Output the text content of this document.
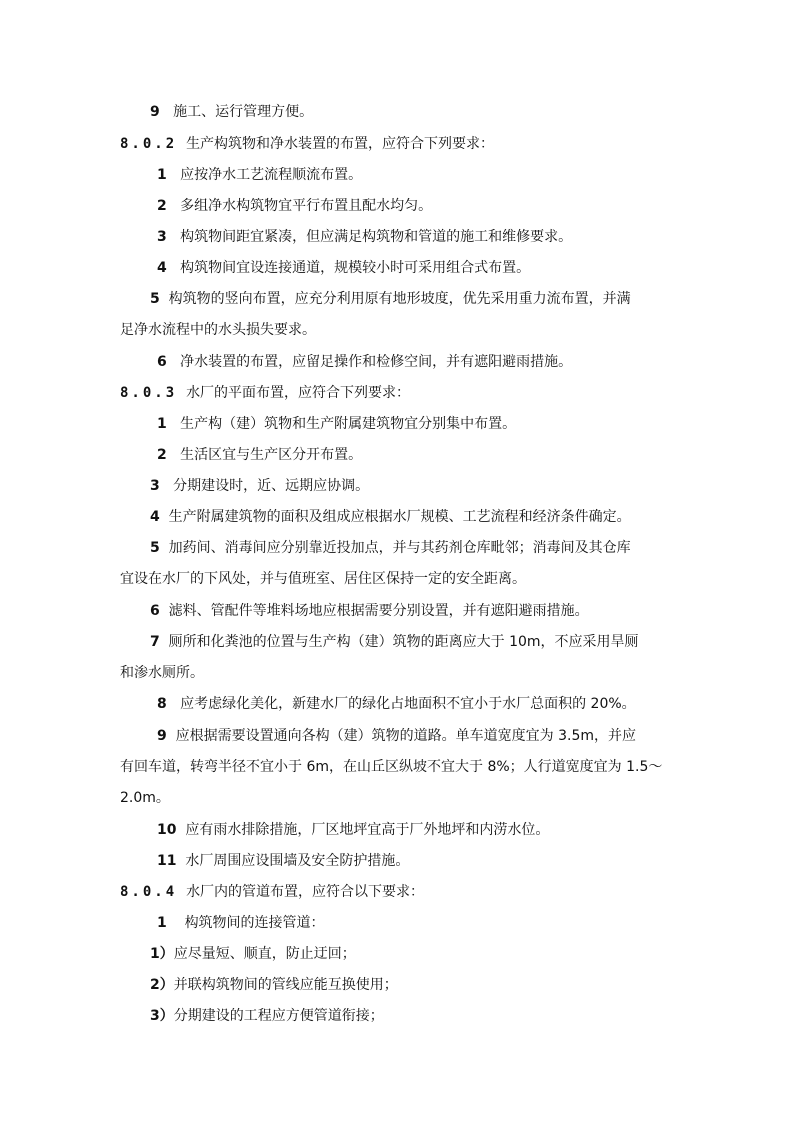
9 施工、运行管理方便。
8.0.2 生产构筑物和净水装置的布置，应符合下列要求：
1 应按净水工艺流程顺流布置。
2 多组净水构筑物宜平行布置且配水均匀。
3 构筑物间距宜紧凑，但应满足构筑物和管道的施工和维修要求。
4 构筑物间宜设连接通道，规模较小时可采用组合式布置。
5 构筑物的竖向布置，应充分利用原有地形坡度，优先采用重力流布置，并满
足净水流程中的水头损失要求。
6 净水装置的布置，应留足操作和检修空间，并有遮阳避雨措施。
8.0.3 水厂的平面布置，应符合下列要求：
1 生产构（建）筑物和生产附属建筑物宜分别集中布置。
2 生活区宜与生产区分开布置。
3 分期建设时，近、远期应协调。
4 生产附属建筑物的面积及组成应根据水厂规模、工艺流程和经济条件确定。
5 加药间、消毒间应分别靠近投加点，并与其药剂仓库毗邻；消毒间及其仓库
宜设在水厂的下风处，并与值班室、居住区保持一定的安全距离。
6 滤料、管配件等堆料场地应根据需要分别设置，并有遮阳避雨措施。
7 厕所和化粪池的位置与生产构（建）筑物的距离应大于 10m，不应采用旱厕
和渗水厕所。
8 应考虑绿化美化，新建水厂的绿化占地面积不宜小于水厂总面积的 20%。
9 应根据需要设置通向各构（建）筑物的道路。单车道宽度宜为 3.5m，并应
有回车道，转弯半径不宜小于 6m，在山丘区纵坡不宜大于 8%；人行道宽度宜为 1.5～
2.0m。
10 应有雨水排除措施，厂区地坪宜高于厂外地坪和内涝水位。
11 水厂周围应设围墙及安全防护措施。
8.0.4 水厂内的管道布置，应符合以下要求：
1 构筑物间的连接管道：
1）应尽量短、顺直，防止迂回；
2）并联构筑物间的管线应能互换使用；
3）分期建设的工程应方便管道衔接；
